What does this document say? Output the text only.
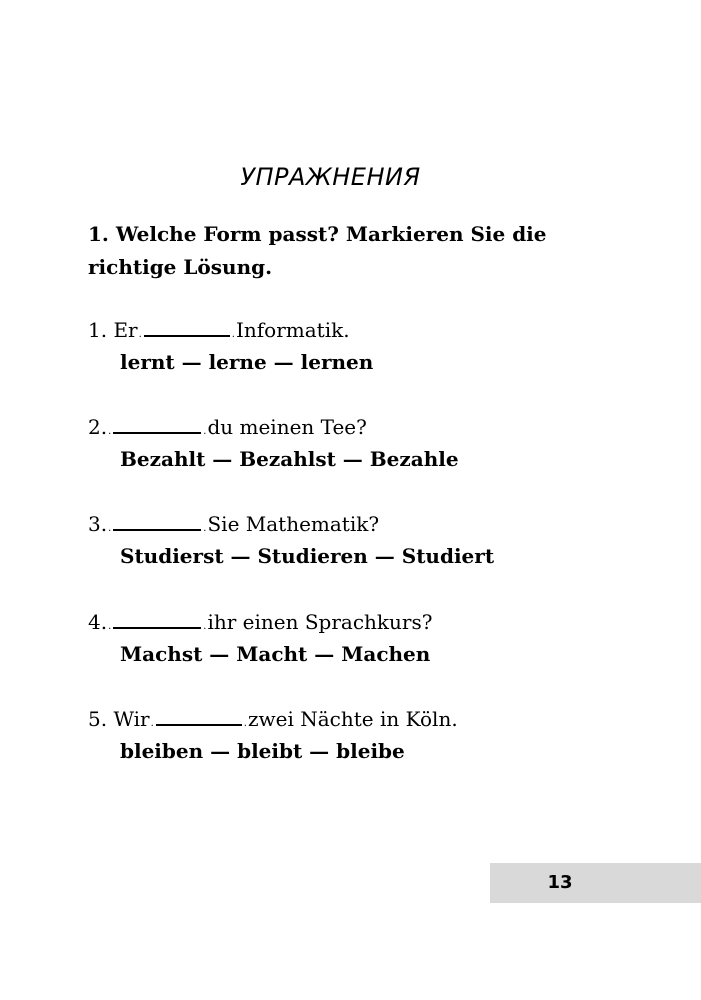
УПРАЖНЕНИЯ

1. Welche Form passt? Markieren Sie die
richtige Lösung.

1. Er.	.Informatik.
lernt — lerne — lernen
2..	.du meinen Tee?
Bezahlt — Bezahlst — Bezahle
3..	.Sie Mathematik?
Studierst — Studieren — Studiert
4..	.ihr einen Sprachkurs?
Machst — Macht — Machen
5. Wir.	.zwei Nächte in Köln.
bleiben — bleibt — bleibe
13
